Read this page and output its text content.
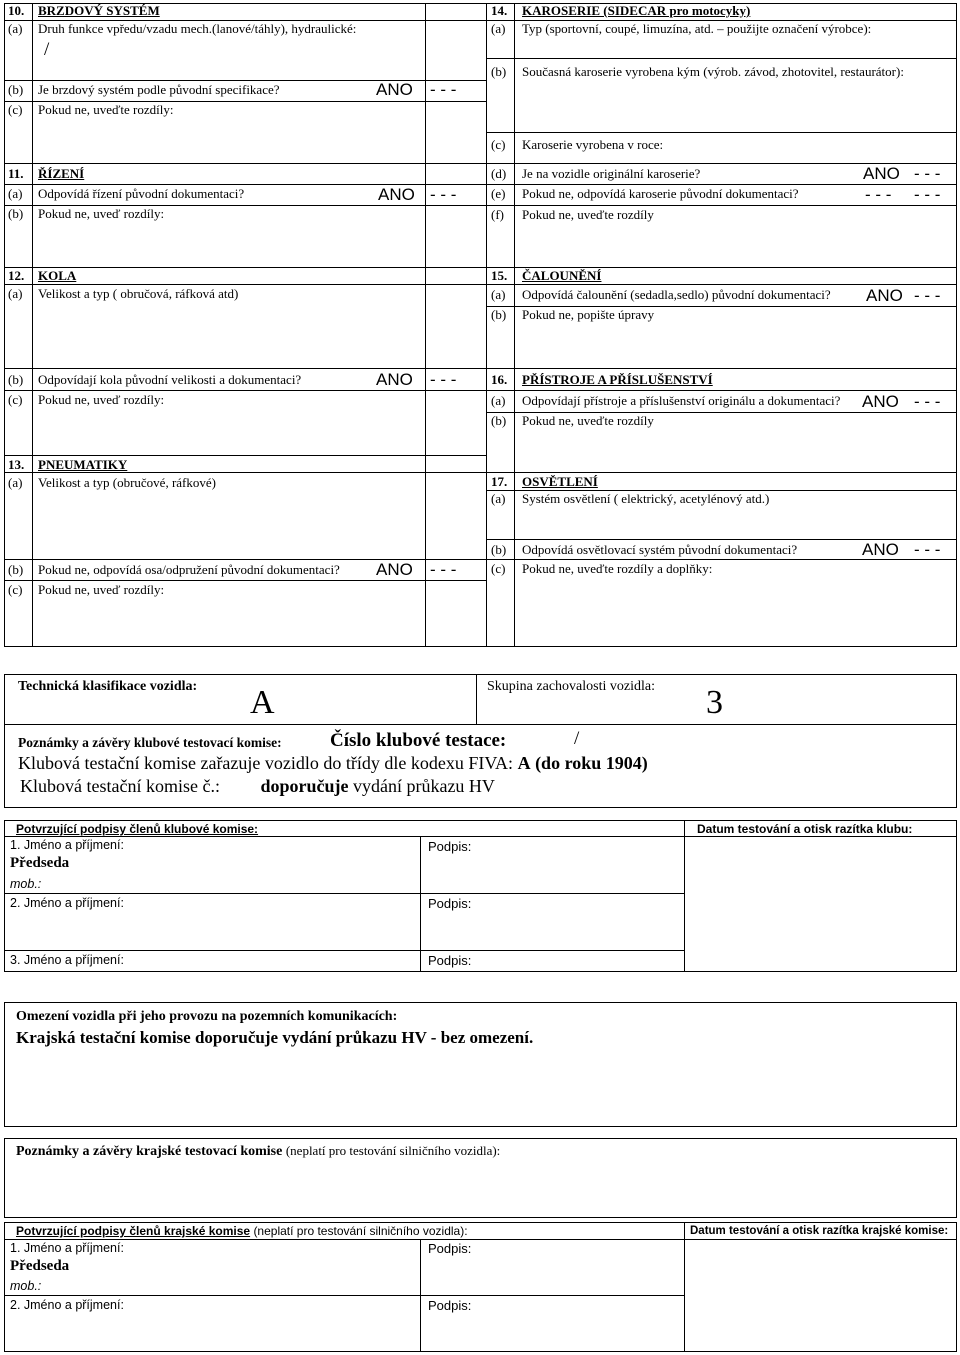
10. BRZDOVÝ SYSTÉM
(a) Druh funkce vpředu/vzadu mech.(lanové/táhly), hydraulické:
/
(b) Je brzdový systém podle původní specifikace?	ANO - - -
(c) Pokud ne, uveďte rozdíly:
11. ŘÍZENÍ
(a) Odpovídá řízení původní dokumentaci?	ANO - - -
(b) Pokud ne, uveď rozdíly:
12. KOLA
(a) Velikost a typ ( obručová, ráfková atd)
(b) Odpovídají kola původní velikosti a dokumentaci?	ANO - - -
(c) Pokud ne, uveď rozdíly:
13. PNEUMATIKY
(a) Velikost a typ (obručové, ráfkové)
(b) Pokud ne, odpovídá osa/odpružení původní dokumentaci? ANO - - -
(c) Pokud ne, uveď rozdíly:
14. KAROSERIE (SIDECAR pro motocyky)
(a) Typ (sportovní, coupé, limuzína, atd. – použijte označení výrobce):
(b) Současná karoserie vyrobena kým (výrob. závod, zhotovitel, restaurátor):
(c) Karoserie vyrobena v roce:
(d) Je na vozidle originální karoserie?	ANO - - -
(e) Pokud ne, odpovídá karoserie původní dokumentaci?	- - - - - -
(f) Pokud ne, uveďte rozdíly
15. ČALOUNĚNÍ
(a) Odpovídá čalounění (sedadla,sedlo) původní dokumentaci? ANO - - -
(b) Pokud ne, popište úpravy
16. PŘÍSTROJE A PŘÍSLUŠENSTVÍ
(a) Odpovídají přístroje a příslušenství originálu a dokumentaci? ANO - - -
(b) Pokud ne, uveďte rozdíly
17. OSVĚTLENÍ
(a) Systém osvětlení ( elektrický, acetylénový atd.)
(b) Odpovídá osvětlovací systém původní dokumentaci?	ANO - - -
(c) Pokud ne, uveďte rozdíly a doplňky:
Technická klasifikace vozidla: A	Skupina zachovalosti vozidla: 3
Poznámky a závěry klubové testovací komise:	Číslo klubové testace:	/
Klubová testační komise zařazuje vozidlo do třídy dle kodexu FIVA: A (do roku 1904)
Klubová testační komise č.: doporučuje vydání průkazu HV
Potvrzující podpisy členů klubové komise:	Datum testování a otisk razítka klubu:
1. Jméno a příjmení:
Předseda
mob.:
Podpis:
2. Jméno a příjmení:	Podpis:
3. Jméno a příjmení:	Podpis:
Omezení vozidla při jeho provozu na pozemních komunikacích:
Krajská testační komise doporučuje vydání průkazu HV - bez omezení.
Poznámky a závěry krajské testovací komise (neplatí pro testování silničního vozidla):
Potvrzující podpisy členů krajské komise (neplatí pro testování silničního vozidla):	Datum testování a otisk razítka krajské komise:
1. Jméno a příjmení:
Předseda
mob.:
Podpis:
2. Jméno a příjmení:	Podpis:
